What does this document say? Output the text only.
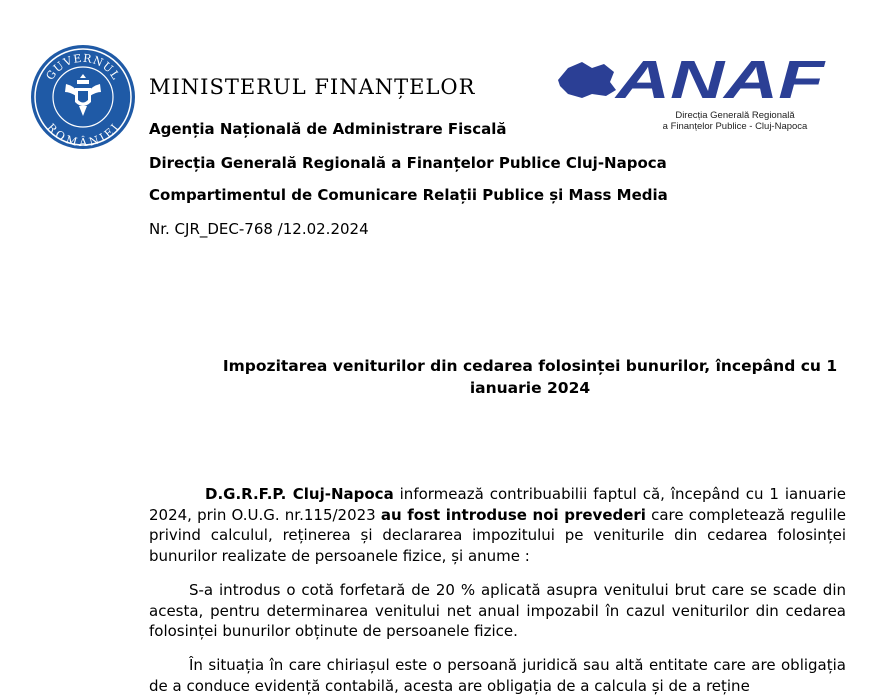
GUVERNUL
ROMÂNIEI
MINISTERUL FINANȚELOR
Agenția Națională de Administrare Fiscală
Direcția Generală Regională a Finanțelor Publice Cluj-Napoca
Compartimentul de Comunicare Relații Publice și Mass Media
Nr. CJR_DEC-768 /12.02.2024
ANAF
Direcția Generală Regională
a Finanțelor Publice - Cluj-Napoca
Impozitarea veniturilor din cedarea folosinței bunurilor, începând cu 1 ianuarie 2024
D.G.R.F.P. Cluj-Napoca informează contribuabilii faptul că, începând cu 1 ianuarie 2024, prin O.U.G. nr.115/2023 au fost introduse noi prevederi care completează regulile privind calculul, reținerea și declararea impozitului pe veniturile din cedarea folosinței bunurilor realizate de persoanele fizice, și anume :
S-a introdus o cotă forfetară de 20 % aplicată asupra venitului brut care se scade din acesta, pentru determinarea venitului net anual impozabil în cazul veniturilor din cedarea folosinței bunurilor obținute de persoanele fizice.
În situația în care chiriașul este o persoană juridică sau altă entitate care are obligația de a conduce evidență contabilă, acesta are obligația de a calcula și de a reține
